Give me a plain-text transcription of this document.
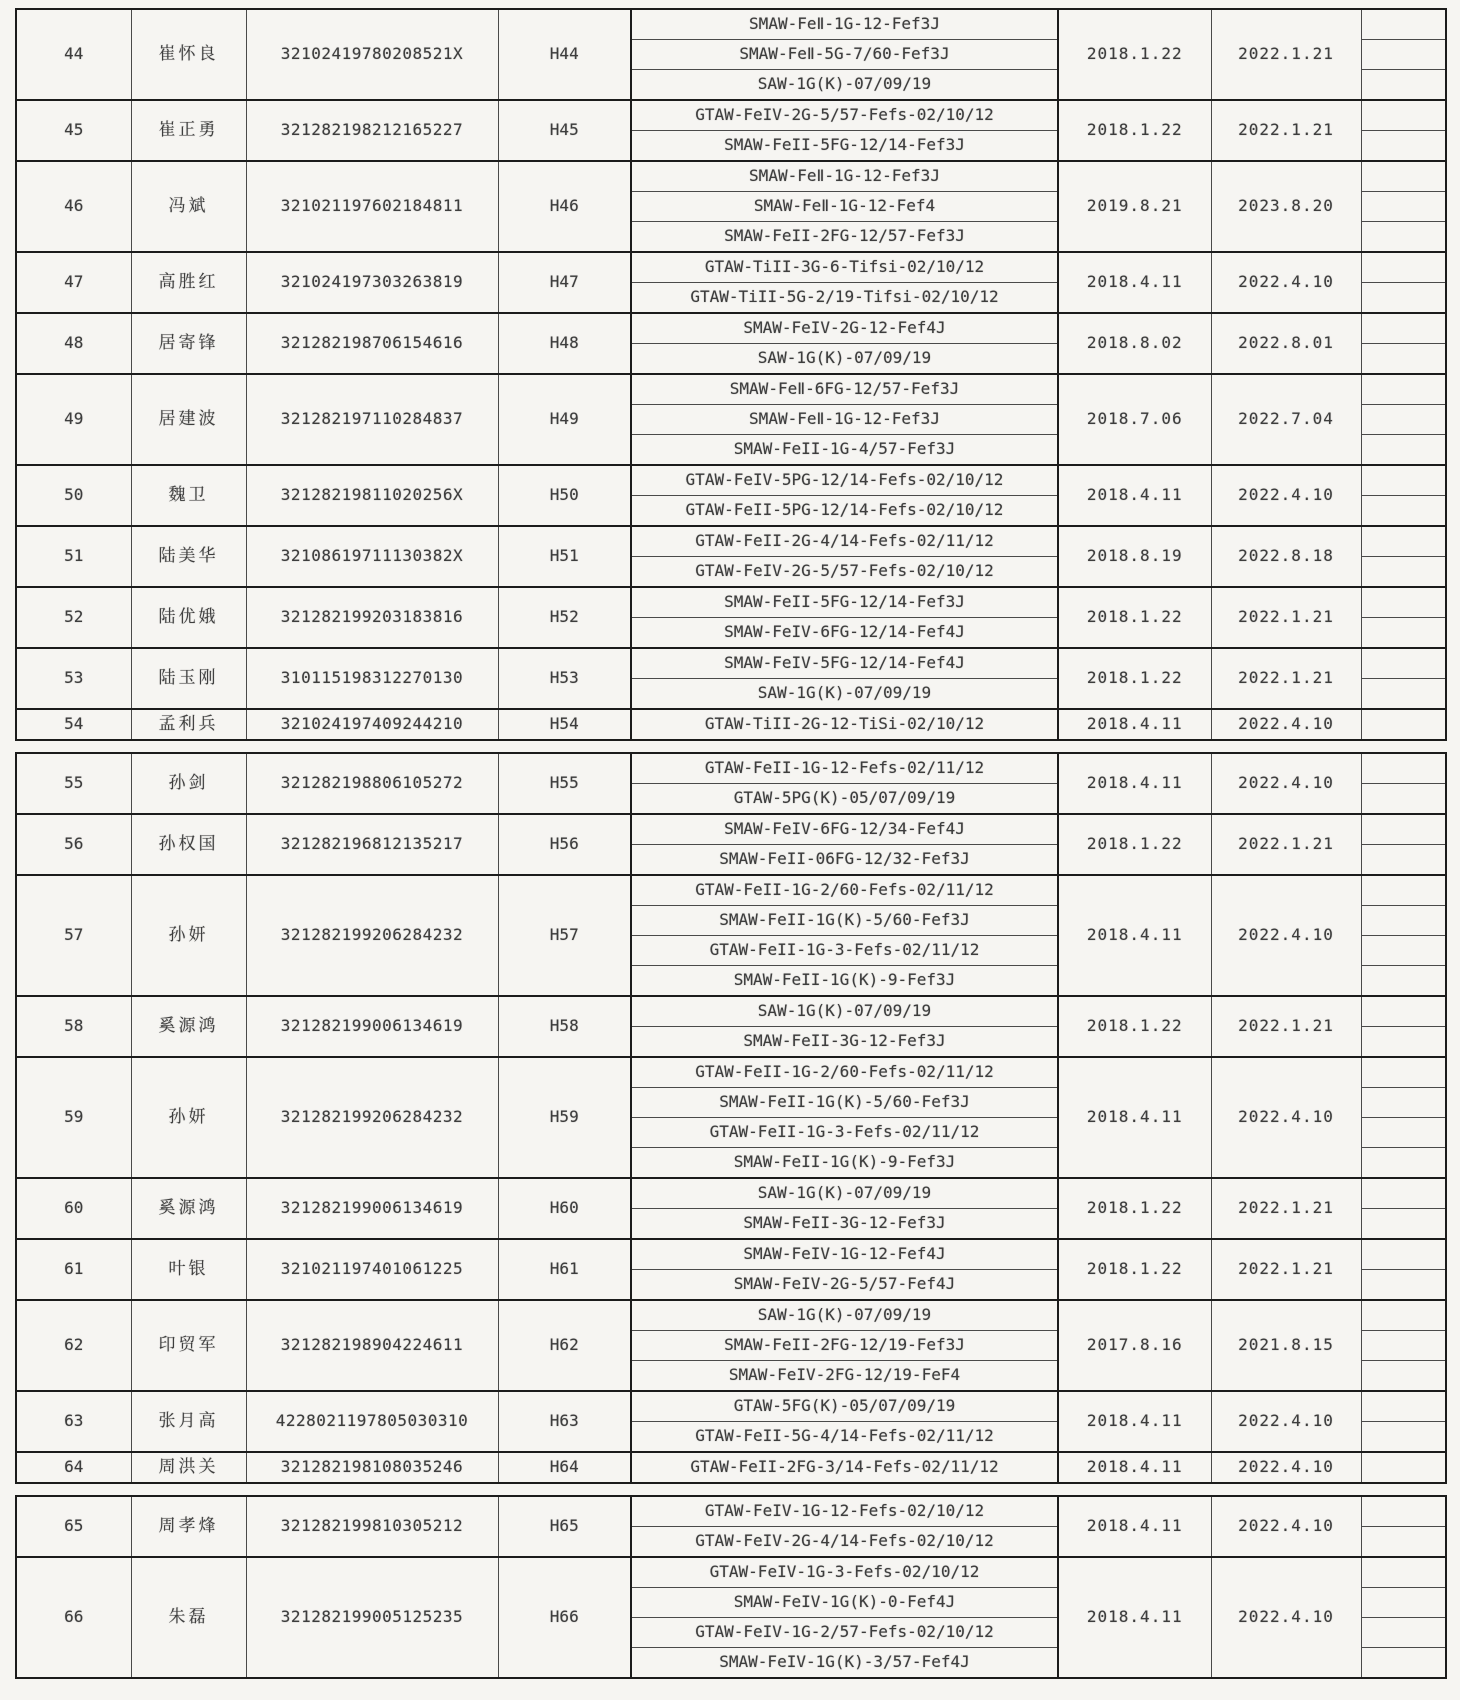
44	崔怀良	32102419780208521X	H44	SMAW-FeⅡ-1G-12-Fef3J	2018.1.22	2022.1.21	
				SMAW-FeⅡ-5G-7/60-Fef3J			
				SAW-1G(K)-07/09/19			
45	崔正勇	321282198212165227	H45	GTAW-FeIV-2G-5/57-Fefs-02/10/12	2018.1.22	2022.1.21	
				SMAW-FeII-5FG-12/14-Fef3J			
46	冯斌	321021197602184811	H46	SMAW-FeⅡ-1G-12-Fef3J	2019.8.21	2023.8.20	
				SMAW-FeⅡ-1G-12-Fef4			
				SMAW-FeII-2FG-12/57-Fef3J			
47	高胜红	321024197303263819	H47	GTAW-TiII-3G-6-Tifsi-02/10/12	2018.4.11	2022.4.10	
				GTAW-TiII-5G-2/19-Tifsi-02/10/12			
48	居寄锋	321282198706154616	H48	SMAW-FeIV-2G-12-Fef4J	2018.8.02	2022.8.01	
				SAW-1G(K)-07/09/19			
49	居建波	321282197110284837	H49	SMAW-FeⅡ-6FG-12/57-Fef3J	2018.7.06	2022.7.04	
				SMAW-FeⅡ-1G-12-Fef3J			
				SMAW-FeII-1G-4/57-Fef3J			
50	魏卫	32128219811020256X	H50	GTAW-FeIV-5PG-12/14-Fefs-02/10/12	2018.4.11	2022.4.10	
				GTAW-FeII-5PG-12/14-Fefs-02/10/12			
51	陆美华	32108619711130382X	H51	GTAW-FeII-2G-4/14-Fefs-02/11/12	2018.8.19	2022.8.18	
				GTAW-FeIV-2G-5/57-Fefs-02/10/12			
52	陆优娥	321282199203183816	H52	SMAW-FeII-5FG-12/14-Fef3J	2018.1.22	2022.1.21	
				SMAW-FeIV-6FG-12/14-Fef4J			
53	陆玉刚	310115198312270130	H53	SMAW-FeIV-5FG-12/14-Fef4J	2018.1.22	2022.1.21	
				SAW-1G(K)-07/09/19			
54	孟利兵	321024197409244210	H54	GTAW-TiII-2G-12-TiSi-02/10/12	2018.4.11	2022.4.10	
55	孙剑	321282198806105272	H55	GTAW-FeII-1G-12-Fefs-02/11/12	2018.4.11	2022.4.10	
				GTAW-5PG(K)-05/07/09/19			
56	孙权国	321282196812135217	H56	SMAW-FeIV-6FG-12/34-Fef4J	2018.1.22	2022.1.21	
				SMAW-FeII-06FG-12/32-Fef3J			
57	孙妍	321282199206284232	H57	GTAW-FeII-1G-2/60-Fefs-02/11/12	2018.4.11	2022.4.10	
				SMAW-FeII-1G(K)-5/60-Fef3J			
				GTAW-FeII-1G-3-Fefs-02/11/12			
				SMAW-FeII-1G(K)-9-Fef3J			
58	奚源鸿	321282199006134619	H58	SAW-1G(K)-07/09/19	2018.1.22	2022.1.21	
				SMAW-FeII-3G-12-Fef3J			
59	孙妍	321282199206284232	H59	GTAW-FeII-1G-2/60-Fefs-02/11/12	2018.4.11	2022.4.10	
				SMAW-FeII-1G(K)-5/60-Fef3J			
				GTAW-FeII-1G-3-Fefs-02/11/12			
				SMAW-FeII-1G(K)-9-Fef3J			
60	奚源鸿	321282199006134619	H60	SAW-1G(K)-07/09/19	2018.1.22	2022.1.21	
				SMAW-FeII-3G-12-Fef3J			
61	叶银	321021197401061225	H61	SMAW-FeIV-1G-12-Fef4J	2018.1.22	2022.1.21	
				SMAW-FeIV-2G-5/57-Fef4J			
62	印贸军	321282198904224611	H62	SAW-1G(K)-07/09/19	2017.8.16	2021.8.15	
				SMAW-FeII-2FG-12/19-Fef3J			
				SMAW-FeIV-2FG-12/19-FeF4			
63	张月高	4228021197805030310	H63	GTAW-5FG(K)-05/07/09/19	2018.4.11	2022.4.10	
				GTAW-FeII-5G-4/14-Fefs-02/11/12			
64	周洪关	321282198108035246	H64	GTAW-FeII-2FG-3/14-Fefs-02/11/12	2018.4.11	2022.4.10	
65	周孝烽	321282199810305212	H65	GTAW-FeIV-1G-12-Fefs-02/10/12	2018.4.11	2022.4.10	
				GTAW-FeIV-2G-4/14-Fefs-02/10/12			
66	朱磊	321282199005125235	H66	GTAW-FeIV-1G-3-Fefs-02/10/12	2018.4.11	2022.4.10	
				SMAW-FeIV-1G(K)-0-Fef4J			
				GTAW-FeIV-1G-2/57-Fefs-02/10/12			
				SMAW-FeIV-1G(K)-3/57-Fef4J			
